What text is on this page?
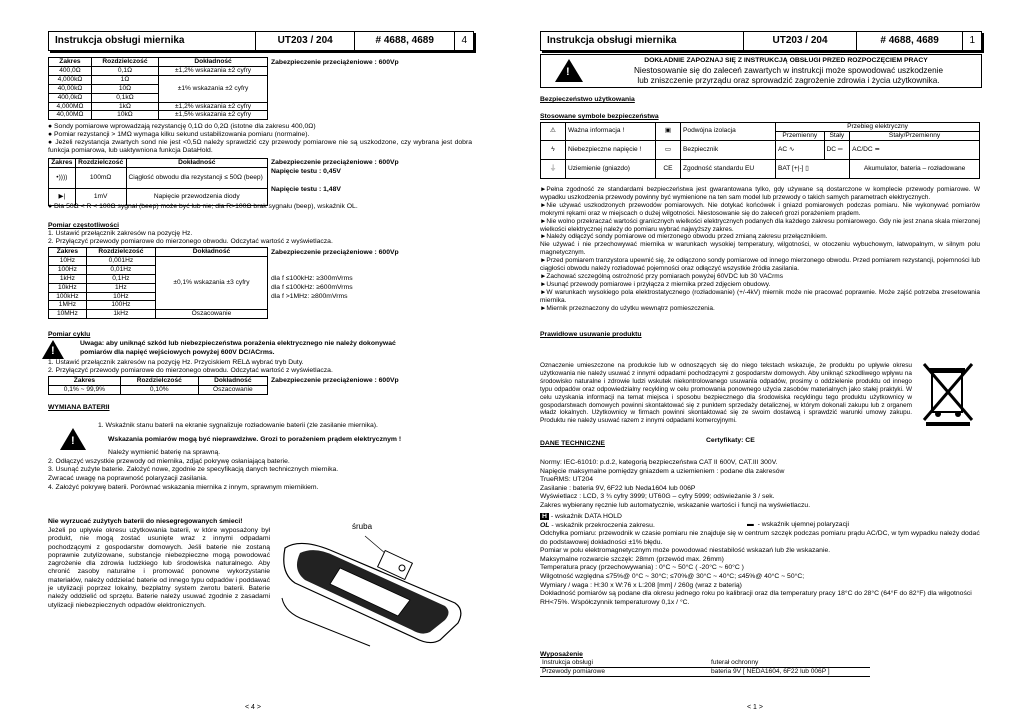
Instrukcja obsługi miernika	UT203 / 204	# 4688, 4689	4
Zakres	Rozdzielczość	Dokładność
400,0Ω	0,1Ω	±1,2% wskazania ±2 cyfry
4,000kΩ	1Ω	±1% wskazania ±2 cyfry
40,00kΩ	10Ω	
400,0kΩ	0,1kΩ	
4,000MΩ	1kΩ	±1,2% wskazania ±2 cyfry
40,00MΩ	10kΩ	±1,5% wskazania ±2 cyfry
Zabezpieczenie przeciążeniowe : 600Vp
● Sondy pomiarowe wprowadzają rezystancję 0,1Ω do 0,2Ω (istotne dla zakresu 400,0Ω)
● Pomiar rezystancji > 1MΩ wymaga kilku sekund ustabilizowania pomiaru (normalne).
● Jeżeli rezystancja zwartych sond nie jest <0,5Ω należy sprawdzić czy przewody pomiarowe nie są uszkodzone, czy wybrana jest dobra funkcja pomiarowa, lub uaktywniona funkcja DataHold.
Zakres	Rozdzielczość	Dokładność
•))))	100mΩ	Ciągłość obwodu dla rezystancji ≤ 50Ω (beep)
▶|	1mV	Napięcie przewodzenia diody
Zabezpieczenie przeciążeniowe : 600Vp
Napięcie testu : 0,45V
Napięcie testu : 1,48V
● Dla 50Ω < R < 100Ω sygnał (beep) może być lub nie; dla R>100Ω brak sygnału (beep), wskaźnik OL.
Pomiar częstotliwości
1. Ustawić przełącznik zakresów na pozycję Hz.
2. Przyłączyć przewody pomiarowe do mierzonego obwodu. Odczytać wartość z wyświetlacza.
Zakres	Rozdzielczość	Dokładność
10Hz	0,001Hz	±0,1% wskazania ±3 cyfry
100Hz	0,01Hz	
1kHz	0,1Hz	
10kHz	1Hz	
100kHz	10Hz	
1MHz	100Hz	
10MHz	1kHz	Oszacowanie
Zabezpieczenie przeciążeniowe : 600Vp
dla f ≤100kHz: ≥300mVrms
dla f ≤100kHz: ≥600mVrms
dla f >1MHz: ≥800mVrms
Pomiar cyklu
!
Uwaga: aby uniknąć szkód lub niebezpieczeństwa porażenia elektrycznego nie należy dokonywać
pomiarów dla napięć wejściowych powyżej 600V DC/ACrms.
1. Ustawić przełącznik zakresów na pozycję Hz. Przyciskiem RELΔ wybrać tryb Duty.
2. Przyłączyć przewody pomiarowe do mierzonego obwodu. Odczytać wartość z wyświetlacza.
Zakres	Rozdzielczość	Dokładność
0,1% ~ 99,9%	0,10%	Oszacowanie
Zabezpieczenie przeciążeniowe : 600Vp
WYMIANA BATERII
1. Wskaźnik stanu baterii na ekranie sygnalizuje rozładowanie baterii (zle zasilanie miernika).
!	Wskazania pomiarów mogą być nieprawdziwe. Grozi to porażeniem prądem elektrycznym !
Należy wymienić baterię na sprawną.
2. Odłączyć wszystkie przewody od miernika, zdjąć pokrywę osłaniającą baterie.
3. Usunąć zużyte baterie. Założyć nowe, zgodnie ze specyfikacją danych technicznych miernika.
Zwracać uwagę na poprawność polaryzacji zasilania.
4. Założyć pokrywę baterii. Porównać wskazania miernika z innym, sprawnym miernikiem.
Nie wyrzucać zużytych baterii do niesegregowanych śmieci!
Jeżeli po upływie okresu użytkowania baterii, w które wyposażony był produkt, nie mogą zostać usunięte wraz z innymi odpadami pochodzącymi z gospodarstw domowych. Jeśli baterie nie zostaną poprawnie zutylizowane, substancje niebezpieczne mogą powodować zagrożenie dla zdrowia ludzkiego lub środowiska naturalnego. Aby chronić zasoby naturalne i promować ponowne wykorzystanie materiałów, należy oddzielać baterie od innego typu odpadów i poddawać je utylizacji poprzez lokalny, bezpłatny system zwrotu baterii. Baterie należy oddzielić od sprzętu. Baterie należy usuwać zgodnie z zasadami utylizacji niebezpiecznych odpadów elektronicznych.
śruba
< 4 >
Instrukcja obsługi miernika	UT203 / 204	# 4688, 4689	1
!
DOKŁADNIE ZAPOZNAJ SIĘ Z INSTRUKCJĄ OBSŁUGI PRZED ROZPOCZĘCIEM PRACY
Niestosowanie się do zaleceń zawartych w instrukcji może spowodować uszkodzenie
lub zniszczenie przyrządu oraz sprowadzić zagrożenie zdrowia i życia użytkownika.
Bezpieczeństwo użytkowania
Stosowane symbole bezpieczeństwa
⚠	Ważna informacja !	▣	Podwójna izolacja	Przebieg elektryczny		
				Przemienny	Stały	Stały/Przemienny
ϟ	Niebezpieczne napięcie !	▭	Bezpiecznik	AC ∿	DC ═	AC/DC ≂
⏚	Uziemienie (gniazdo)	CE	Zgodność standardu EU	BAT [+|-] ▯		Akumulator, bateria – rozładowane
►Pełna zgodność ze standardami bezpieczeństwa jest gwarantowana tylko, gdy używane są dostarczone w komplecie przewody pomiarowe. W wypadku uszkodzenia przewody powinny być wymienione na ten sam model lub przewody o takich samych parametrach elektrycznych.
►Nie używać uszkodzonych przewodów pomiarowych. Nie dotykać końcówek i gniazd pomiarowych podczas pomiaru. Nie wykonywać pomiarów mokrymi rękami oraz w miejscach o dużej wilgotności. Niestosowanie się do zaleceń grozi porażeniem prądem.
►Nie wolno przekraczać wartości granicznych wielkości elektrycznych podanych dla każdego zakresu pomiarowego. Gdy nie jest znana skala mierzonej wielkości elektrycznej należy do pomiaru wybrać najwyższy zakres.
►Należy odłączyć sondy pomiarowe od mierzonego obwodu przed zmianą zakresu przełącznikiem.
Nie używać i nie przechowywać miernika w warunkach wysokiej temperatury, wilgotności, w otoczeniu wybuchowym, łatwopalnym, w silnym polu magnetycznym.
►Przed pomiarem tranzystora upewnić się, że odłączono sondy pomiarowe od innego mierzonego obwodu. Przed pomiarem rezystancji, pojemności lub ciągłości obwodu należy rozładować pojemności oraz odłączyć wszystkie źródła zasilania.
►Zachować szczególną ostrożność przy pomiarach powyżej 60VDC lub 30 VACrms
►Usunąć przewody pomiarowe i przyłącza z miernika przed zdjęciem obudowy.
►W warunkach wysokiego pola elektrostatycznego (rozładowanie) (+/-4kV) miernik może nie pracować poprawnie. Może zajść potrzeba zresetowania miernika.
►Miernik przeznaczony do użytku wewnątrz pomieszczenia.
Prawidłowe usuwanie produktu
Oznaczenie umieszczone na produkcie lub w odnoszących się do niego tekstach wskazuje, że produktu po upływie okresu użytkowania nie należy usuwać z innymi odpadami pochodzącymi z gospodarstw domowych. Aby uniknąć szkodliwego wpływu na środowisko naturalne i zdrowie ludzi wskutek niekontrolowanego usuwania odpadów, prosimy o oddzielenie produktu od innego typu odpadów oraz odpowiedzialny recykling w celu promowania ponownego użycia zasobów materialnych jako stałej praktyki. W celu uzyskania informacji na temat miejsca i sposobu bezpiecznego dla środowiska recyklingu tego produktu użytkownicy w gospodarstwach domowych powinni skontaktować się z punktem sprzedaży detalicznej, w którym dokonali zakupu lub z organem władz lokalnych. Użytkownicy w firmach powinni skontaktować się ze swoim dostawcą i sprawdzić warunki umowy zakupu. Produktu nie należy usuwać razem z innymi odpadami komercyjnymi.
DANE TECHNICZNE	Certyfikaty: CE
Normy: IEC-61010: p.d.2, kategorią bezpieczeństwa CAT II 600V, CAT.III 300V.
Napięcie maksymalne pomiędzy gniazdem a uziemieniem : podane dla zakresów
TrueRMS: UT204
Zasilanie : bateria 9V, 6F22 lub Neda1604 lub 006P
Wyświetlacz : LCD, 3 ¾ cyfry 3999; UT60G – cyfry 5999; odświeżanie 3 / sek.
Zakres wybierany ręcznie lub automatycznie, wskazanie wartości i funcji na wyświetlaczu.
H - wskaźnik DATA HOLD
OL - wskaźnik przekroczenia zakresu.	▬ - wskaźnik ujemnej polaryzacji
Odchyłka pomiaru: przewodnik w czasie pomiaru nie znajduje się w centrum szczęk podczas pomiaru prądu AC/DC, w tym wypadku należy dodać do podstawowej dokładności ±1% błędu.
Pomiar w polu elektromagnetycznym może powodować niestabilość wskazań lub źle wskazanie.
Maksymalne rozwarcie szczęk: 28mm (przewód max. 26mm)
Temperatura pracy (przechowywania) : 0°C ~ 50°C ( -20°C ~ 60°C )
Wilgotność względna ≤75%@ 0°C ~ 30°C; ≤70%@ 30°C ~ 40°C; ≤45%@ 40°C ~ 50°C;
Wymiary / waga : H:30 x W:76 x L:208 [mm] / 260g (wraz z baterią)
Dokładność pomiarów są podane dla okresu jednego roku po kalibracji oraz dla temperatury pracy 18°C do 28°C (64°F do 82°F) dla wilgotności RH<75%. Współczynnik temperaturowy 0,1x / °C.
Wyposażenie
Instrukcja obsługi	futerał ochronny
Przewody pomiarowe	bateria 9V [ NEDA1604, 6F22 lub 006P ]
< 1 >
